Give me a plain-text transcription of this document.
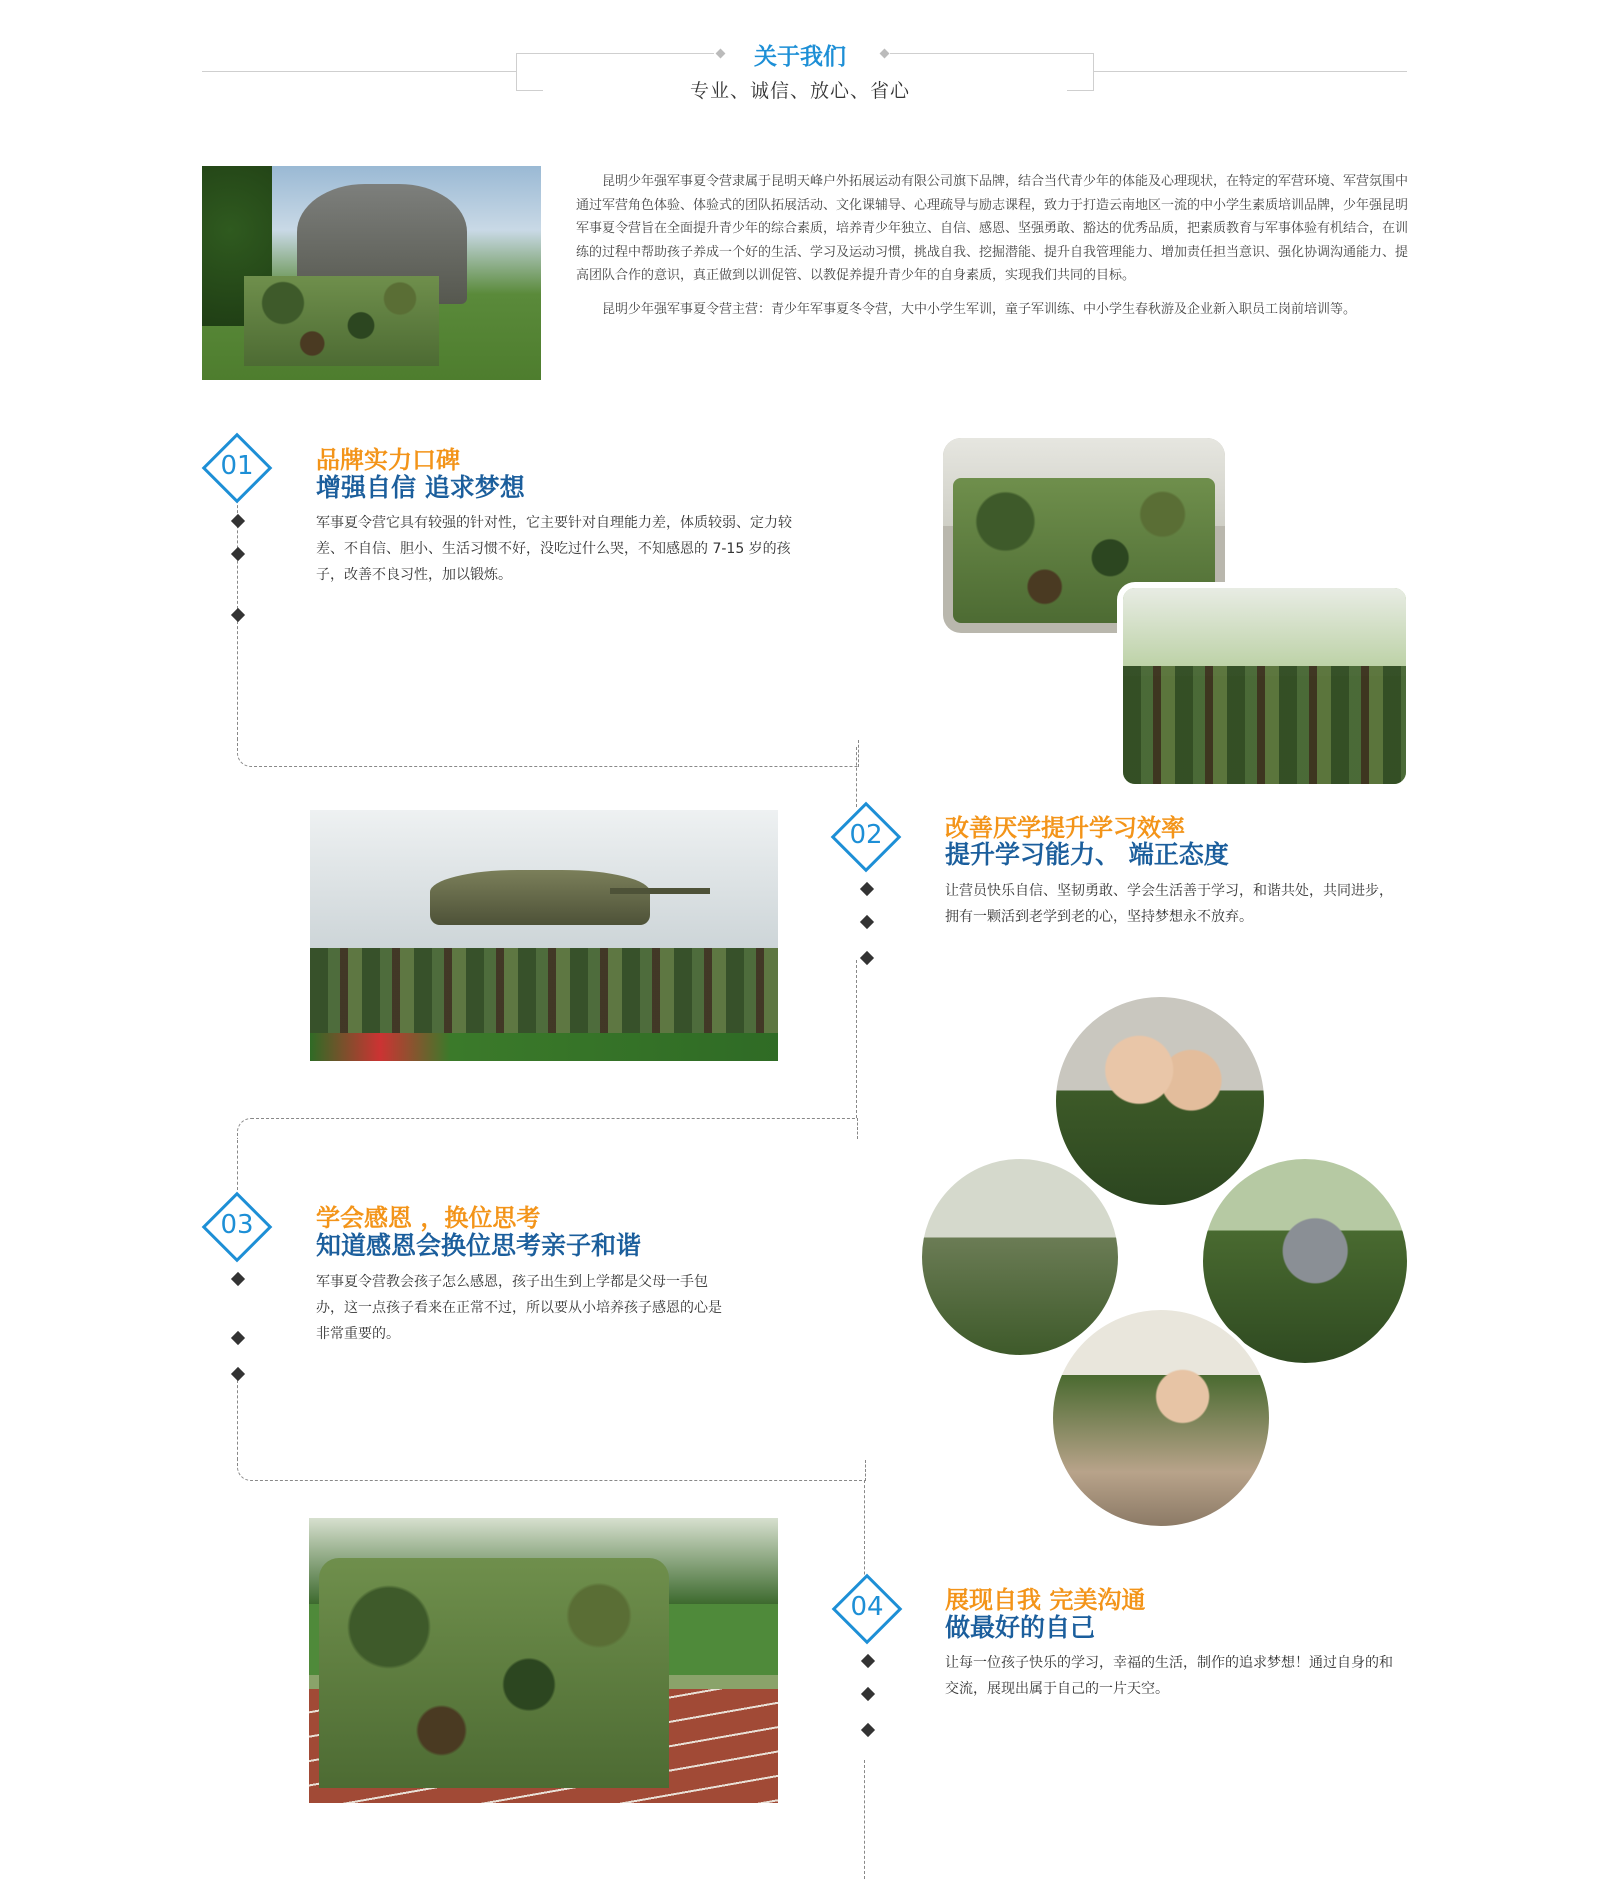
关于我们
专业、诚信、放心、省心

昆明少年强军事夏令营隶属于昆明天峰户外拓展运动有限公司旗下品牌，结合当代青少年的体能及心理现状，在特定的军营环境、军营氛围中通过军营角色体验、体验式的团队拓展活动、文化课辅导、心理疏导与励志课程，致力于打造云南地区一流的中小学生素质培训品牌，少年强昆明军事夏令营旨在全面提升青少年的综合素质，培养青少年独立、自信、感恩、坚强勇敢、豁达的优秀品质，把素质教育与军事体验有机结合，在训练的过程中帮助孩子养成一个好的生活、学习及运动习惯，挑战自我、挖掘潜能、提升自我管理能力、增加责任担当意识、强化协调沟通能力、提高团队合作的意识，真正做到以训促管、以教促养提升青少年的自身素质，实现我们共同的目标。

昆明少年强军事夏令营主营：青少年军事夏冬令营，大中小学生军训，童子军训练、中小学生春秋游及企业新入职员工岗前培训等。

01	品牌实力口碑
增强自信 追求梦想
军事夏令营它具有较强的针对性，它主要针对自理能力差，体质较弱、定力较差、不自信、胆小、生活习惯不好，没吃过什么哭，不知感恩的 7-15 岁的孩子，改善不良习性，加以锻炼。
02	改善厌学提升学习效率
提升学习能力、 端正态度
让营员快乐自信、坚韧勇敢、学会生活善于学习，和谐共处，共同进步，拥有一颗活到老学到老的心，坚持梦想永不放弃。
03	学会感恩 ，换位思考
知道感恩会换位思考亲子和谐
军事夏令营教会孩子怎么感恩，孩子出生到上学都是父母一手包办，这一点孩子看来在正常不过，所以要从小培养孩子感恩的心是非常重要的。
04	展现自我 完美沟通
做最好的自己
让每一位孩子快乐的学习，幸福的生活，制作的追求梦想！通过自身的和交流，展现出属于自己的一片天空。
